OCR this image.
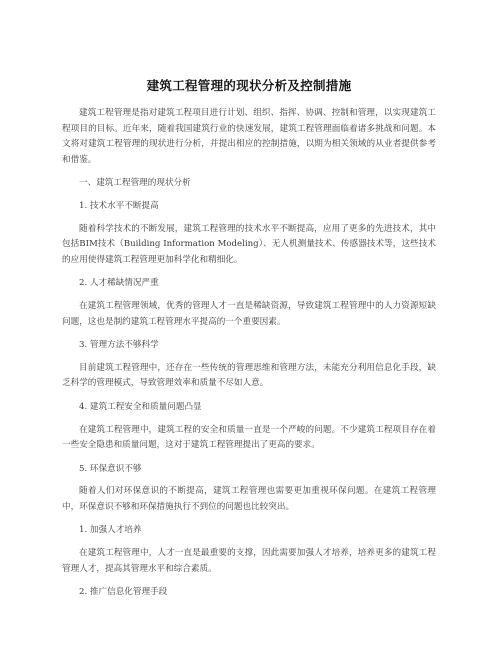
建筑工程管理的现状分析及控制措施

建筑工程管理是指对建筑工程项目进行计划、组织、指挥、协调、控制和管理，以实现建筑工程项目的目标。近年来，随着我国建筑行业的快速发展，建筑工程管理面临着诸多挑战和问题。本文将对建筑工程管理的现状进行分析，并提出相应的控制措施，以期为相关领域的从业者提供参考和借鉴。

一、建筑工程管理的现状分析

1. 技术水平不断提高

随着科学技术的不断发展，建筑工程管理的技术水平不断提高，应用了更多的先进技术，其中包括BIM技术（Building Information Modeling）、无人机测量技术、传感器技术等，这些技术的应用使得建筑工程管理更加科学化和精细化。

2. 人才稀缺情况严重

在建筑工程管理领域，优秀的管理人才一直是稀缺资源，导致建筑工程管理中的人力资源短缺问题，这也是制约建筑工程管理水平提高的一个重要因素。

3. 管理方法不够科学

目前建筑工程管理中，还存在一些传统的管理思维和管理方法，未能充分利用信息化手段，缺乏科学的管理模式，导致管理效率和质量不尽如人意。

4. 建筑工程安全和质量问题凸显

在建筑工程管理中，建筑工程的安全和质量一直是一个严峻的问题。不少建筑工程项目存在着一些安全隐患和质量问题，这对于建筑工程管理提出了更高的要求。

5. 环保意识不够

随着人们对环保意识的不断提高，建筑工程管理也需要更加重视环保问题。在建筑工程管理中，环保意识不够和环保措施执行不到位的问题也比较突出。

1. 加强人才培养

在建筑工程管理中，人才一直是最重要的支撑，因此需要加强人才培养，培养更多的建筑工程管理人才，提高其管理水平和综合素质。

2. 推广信息化管理手段
